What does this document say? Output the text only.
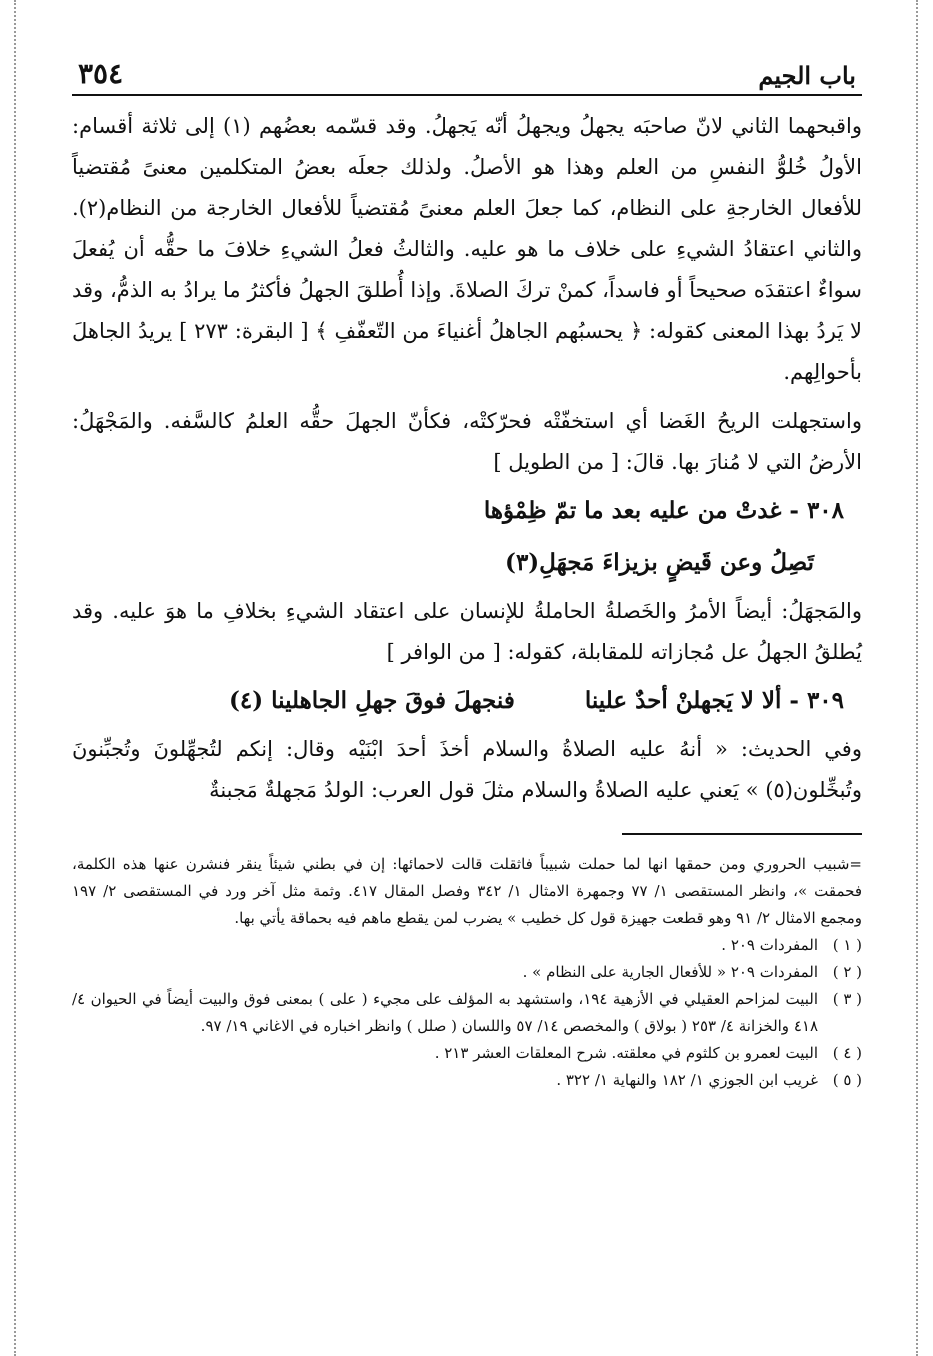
باب الجيم
٣٥٤

واقبحهما الثاني لانّ صاحبَه يجهلُ ويجهلُ أنّه يَجهلُ. وقد قسّمه بعضُهم (١) إلى ثلاثة أقسام: الأولُ خُلوُّ النفسِ من العلم وهذا هو الأصلُ. ولذلك جعلَه بعضُ المتكلمين معنىً مُقتضياً للأفعال الخارجةِ على النظام، كما جعلَ العلم معنىً مُقتضياً للأفعال الخارجة من النظام(٢). والثاني اعتقادُ الشيءِ على خلاف ما هو عليه. والثالثُ فعلُ الشيءِ خلافَ ما حقُّه أن يُفعلَ سواءٌ اعتقدَه صحيحاً أو فاسداً، كمنْ تركَ الصلاةَ. وإذا أُطلقَ الجهلُ فأكثرُ ما يرادُ به الذمُّ، وقد لا يَردُ بهذا المعنى كقوله: ﴿ يحسبُهم الجاهلُ أغنياءَ من التّعفّفِ ﴾ [ البقرة: ٢٧٣ ] يريدُ الجاهلَ بأحوالِهم.

واستجهلت الريحُ الغَضا أي استخفّتْه فحرّكتْه، فكأنّ الجهلَ حقُّه العلمُ كالسَّفه. والمَجْهَلُ: الأرضُ التي لا مُنارَ بها. قالَ: [ من الطويل ]

٣٠٨ - غدتْ من عليه بعد ما تمّ ظِمْؤها
تَصِلُ وعن قَيضٍ بزيزاءَ مَجهَلِ(٣)

والمَجهَلُ: أيضاً الأمرُ والخَصلةُ الحاملةُ للإنسان على اعتقاد الشيءِ بخلافِ ما هوَ عليه. وقد يُطلقُ الجهلُ عل مُجازاته للمقابلة، كقوله: [ من الوافر ]

٣٠٩ - ألا لا يَجهلنْ أحدٌ علينا
فنجهلَ فوقَ جهلِ الجاهلينا (٤)

وفي الحديث: « أنهُ عليه الصلاةُ والسلام أخذَ أحدَ ابْنَيْه وقال: إنكم لتُجهِّلونَ وتُجبِّنونَ وتُبخِّلون(٥) » يَعني عليه الصلاةُ والسلام مثلَ قول العرب: الولدُ مَجهلةٌ مَجبنةٌ

=شبيب الحروري ومن حمقها انها لما حملت شبيباً فاثقلت قالت لاحمائها: إن في بطني شيئاً ينقر فنشرن عنها هذه الكلمة، فحمقت »، وانظر المستقصى ١/ ٧٧ وجمهرة الامثال ١/ ٣٤٢ وفصل المقال ٤١٧. وثمة مثل آخر ورد في المستقصى ٢/ ١٩٧ ومجمع الامثال ٢/ ٩١ وهو قطعت جهيزة قول كل خطيب » يضرب لمن يقطع ماهم فيه بحماقة يأتي بها.

( ١ )
المفردات ٢٠٩ .
( ٢ )
المفردات ٢٠٩ « للأفعال الجارية على النظام » .
( ٣ )
البيت لمزاحم العقيلي في الأزهية ١٩٤، واستشهد به المؤلف على مجيء ( على ) بمعنى فوق والبيت أيضاً في الحيوان ٤/ ٤١٨ والخزانة ٤/ ٢٥٣ ( بولاق ) والمخصص ١٤/ ٥٧ واللسان ( صلل ) وانظر اخباره في الاغاني ١٩/ ٩٧.
( ٤ )
البيت لعمرو بن كلثوم في معلقته. شرح المعلقات العشر ٢١٣ .
( ٥ )
غريب ابن الجوزي ١/ ١٨٢ والنهاية ١/ ٣٢٢ .
